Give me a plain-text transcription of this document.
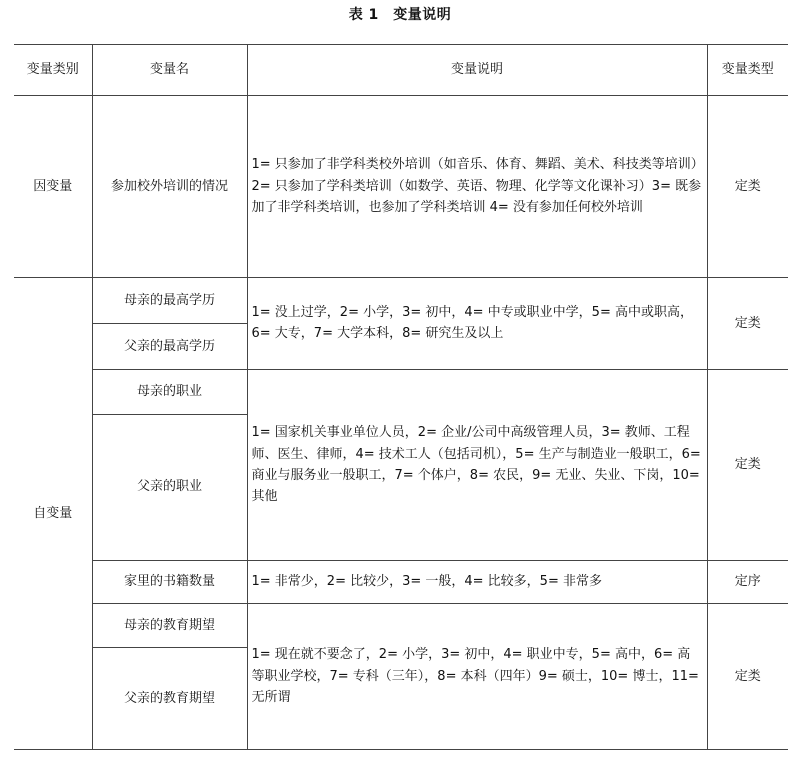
表 1　变量说明
变量类别	变量名	变量说明	变量类型
因变量	参加校外培训的情况	1= 只参加了非学科类校外培训（如音乐、体育、舞蹈、美术、科技类等培训）2= 只参加了学科类培训（如数学、英语、物理、化学等文化课补习）3= 既参加了非学科类培训，也参加了学科类培训 4= 没有参加任何校外培训	定类
自变量	母亲的最高学历	1= 没上过学，2= 小学，3= 初中，4= 中专或职业中学，5= 高中或职高，6= 大专，7= 大学本科，8= 研究生及以上	定类
	父亲的最高学历		
	母亲的职业	1= 国家机关事业单位人员，2= 企业/公司中高级管理人员，3= 教师、工程师、医生、律师，4= 技术工人（包括司机），5= 生产与制造业一般职工，6= 商业与服务业一般职工，7= 个体户，8= 农民，9= 无业、失业、下岗，10= 其他	定类
	父亲的职业		
	家里的书籍数量	1= 非常少，2= 比较少，3= 一般，4= 比较多，5= 非常多	定序
	母亲的教育期望	1= 现在就不要念了，2= 小学，3= 初中，4= 职业中专，5= 高中，6= 高等职业学校，7= 专科（三年），8= 本科（四年）9= 硕士，10= 博士，11= 无所谓	定类
	父亲的教育期望		
